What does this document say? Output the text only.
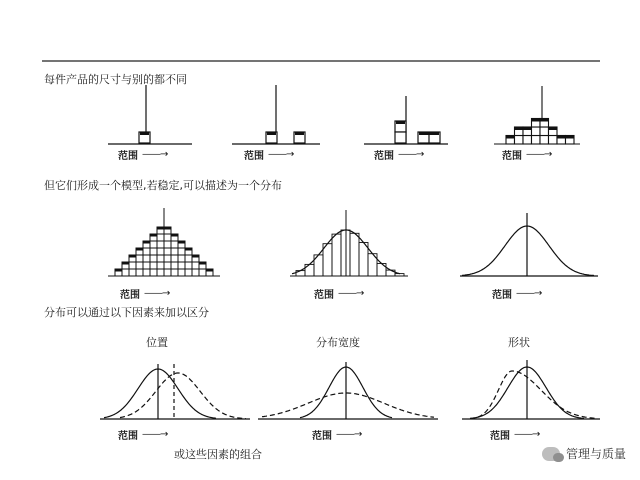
每件产品的尺寸与别的都不同
但它们形成一个模型,若稳定,可以描述为一个分布
分布可以通过以下因素来加以区分
或这些因素的组合
位置	分布宽度	形状
范围 ——→	范围 ——→	范围 ——→	范围 ——→
范围 ——→	范围 ——→	范围 ——→
范围 ——→	范围 ——→	范围 ——→
管理与质量
